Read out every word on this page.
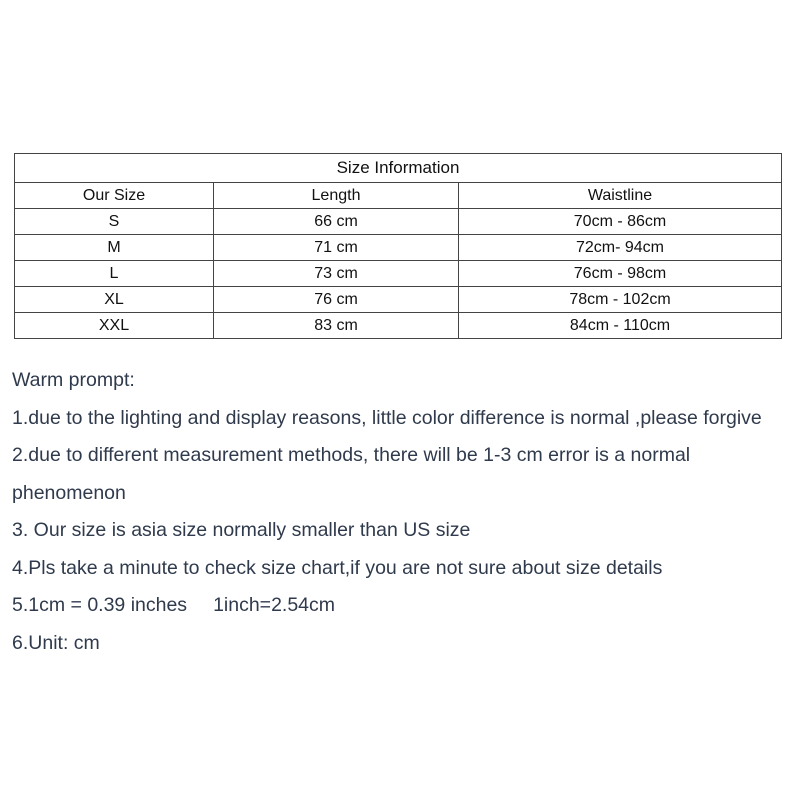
Size Information		
Our Size	Length	Waistline
S	66 cm	70cm - 86cm
M	71 cm	72cm- 94cm
L	73 cm	76cm - 98cm
XL	76 cm	78cm - 102cm
XXL	83 cm	84cm - 110cm
Warm prompt:
1.due to the lighting and display reasons, little color difference is normal ,please forgive
2.due to different measurement methods, there will be 1-3 cm error is a normal
phenomenon
3. Our size is asia size normally smaller than US size
4.Pls take a minute to check size chart,if you are not sure about size details
5.1cm = 0.39 inches 1inch=2.54cm
6.Unit: cm
